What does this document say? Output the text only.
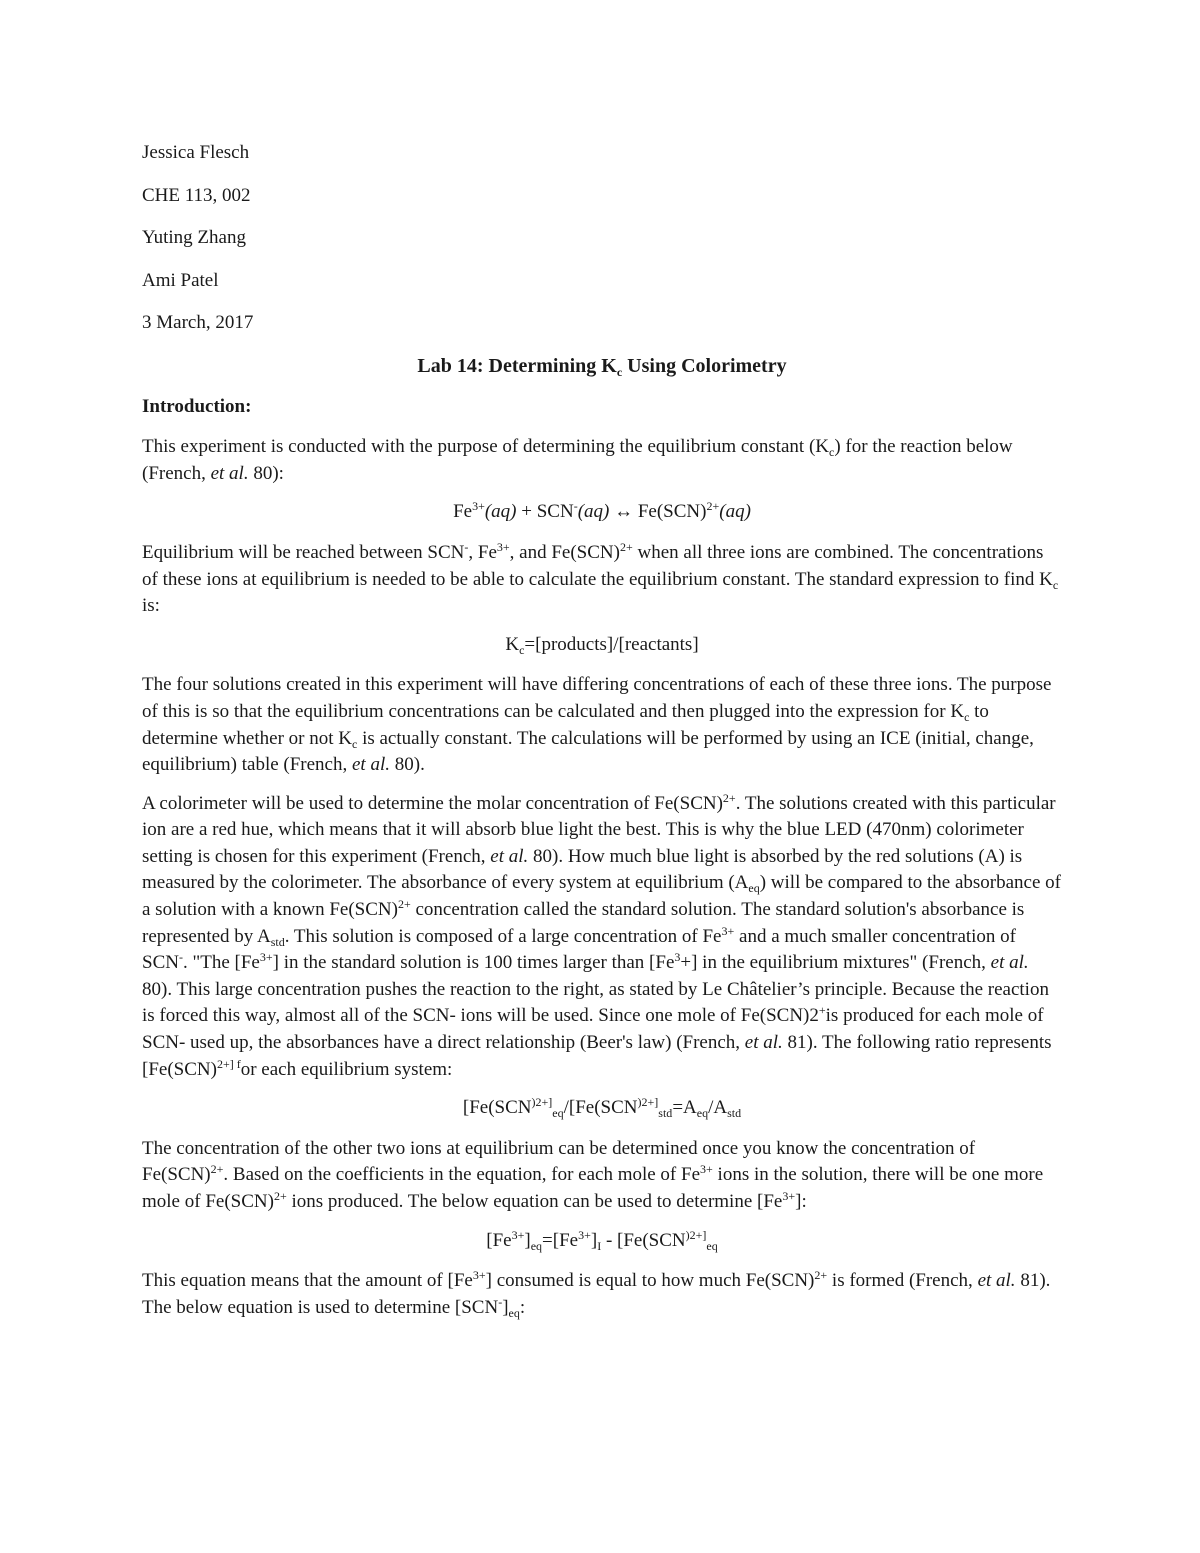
Jessica Flesch
CHE 113, 002
Yuting Zhang
Ami Patel
3 March, 2017
Lab 14: Determining $K_c$ Using Colorimetry
Introduction:

This experiment is conducted with the purpose of determining the equilibrium constant $(K_c)$ for the reaction below (French, et al. 80):

$Fe^{3+}(aq) + SCN^-(aq)$ ↔ Fe(SCN)$^{2+}$(aq)

Equilibrium will be reached between SCN-, $Fe^{3+}$, and Fe(SCN)$^{2+}$ when all three ions are combined. The concentrations of these ions at equilibrium is needed to be able to calculate the equilibrium constant. The standard expression to find $K_c$ is:

$K_c=[products]/[reactants]$

The four solutions created in this experiment will have differing concentrations of each of these three ions. The purpose of this is so that the equilibrium concentrations can be calculated and then plugged into the expression for $K_c$ to determine whether or not $K_c$ is actually constant. The calculations will be performed by using an ICE (initial, change, equilibrium) table (French, et al. 80).

A colorimeter will be used to determine the molar concentration of Fe(SCN)$^{2+}$. The solutions created with this particular ion are a red hue, which means that it will absorb blue light the best. This is why the blue LED (470nm) colorimeter setting is chosen for this experiment (French, et al. 80). How much blue light is absorbed by the red solutions (A) is measured by the colorimeter. The absorbance of every system at equilibrium $(A_{eq})$ will be compared to the absorbance of a solution with a known Fe(SCN)$^{2+}$ concentration called the standard solution. The standard solution's absorbance is represented by $A_{std}$. This solution is composed of a large concentration of $Fe^{3+}$ and a much smaller concentration of SCN-. "The $[Fe^{3+}]$ in the standard solution is 100 times larger than $[Fe^3+]$ in the equilibrium mixtures" (French, et al. 80). This large concentration pushes the reaction to the right, as stated by Le Châtelier’s principle. Because the reaction is forced this way, almost all of the SCN- ions will be used. Since one mole of Fe(SCN)2+is produced for each mole of SCN- used up, the absorbances have a direct relationship (Beer's law) (French, et al. 81). The following ratio represents [Fe(SCN)$^{2+] f}$or each equilibrium system:

[$Fe(SCN^{)2+]}_{eq}/[Fe(SCN^{)2+]}_{std}=A_{eq}/A_{std}$

The concentration of the other two ions at equilibrium can be determined once you know the concentration of Fe(SCN)$^{2+}$. Based on the coefficients in the equation, for each mole of $Fe^{3+}$ ions in the solution, there will be one more mole of Fe(SCN)$^{2+}$ ions produced. The below equation can be used to determine $[Fe^{3+}]$:

$[Fe^{3+}]_{eq}=[Fe^{3+}]_I - [Fe(SCN^{)2+]}_{eq}$

This equation means that the amount of $[Fe^{3+}]$ consumed is equal to how much Fe(SCN)$^{2+}$ is formed (French, et al. 81). The below equation is used to determine $[SCN^-]_{eq}$:
